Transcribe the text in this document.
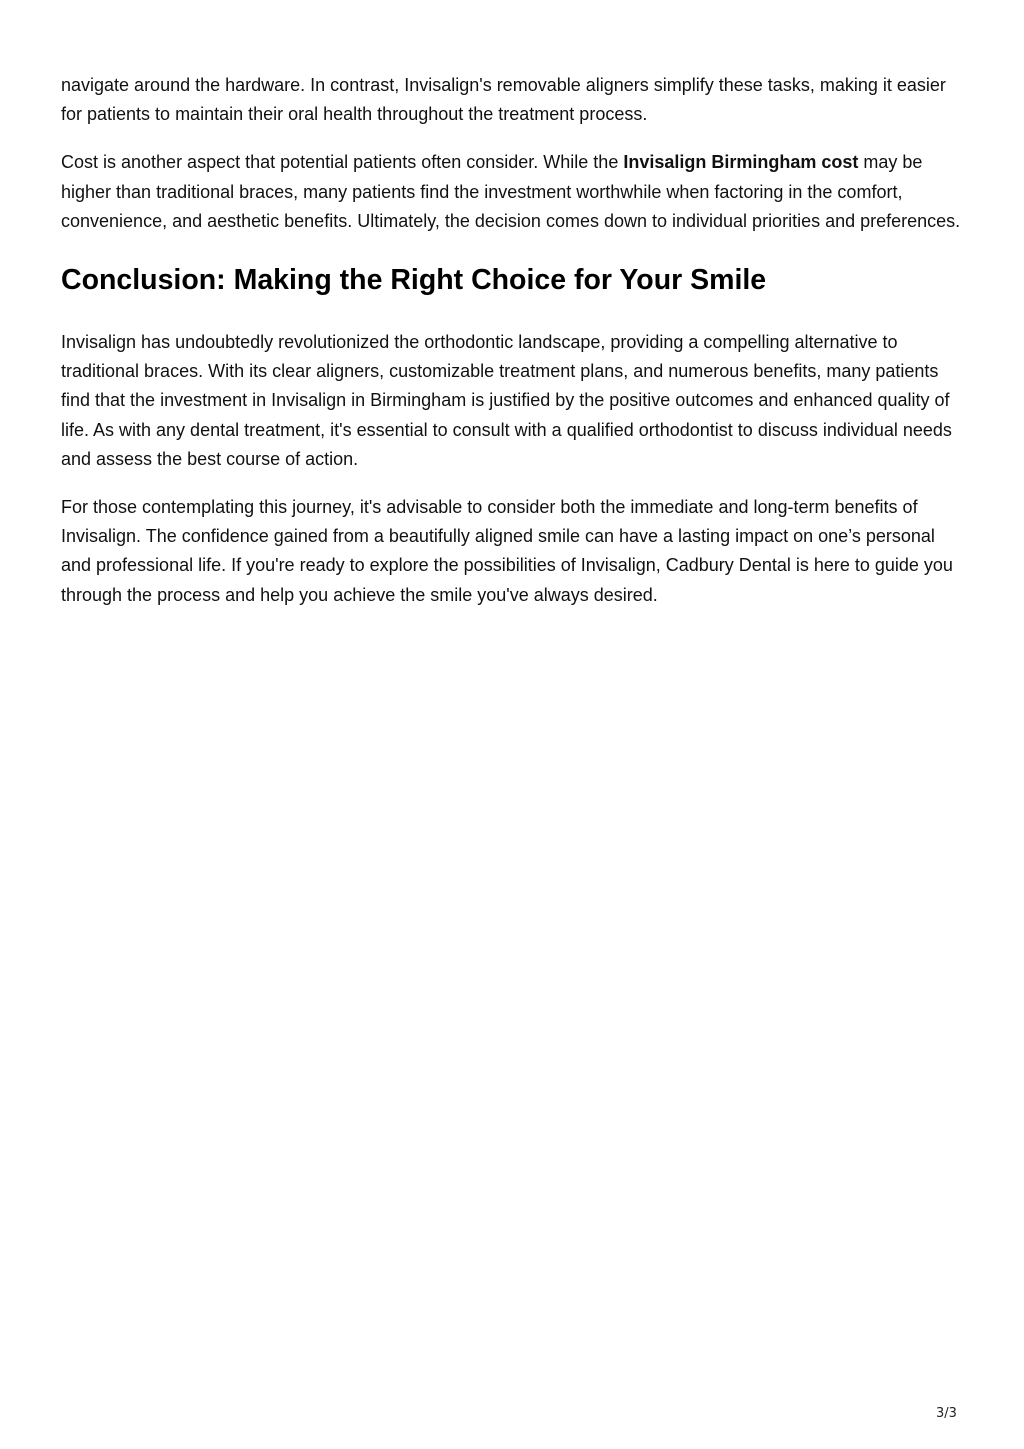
navigate around the hardware. In contrast, Invisalign's removable aligners simplify these tasks, making it easier for patients to maintain their oral health throughout the treatment process.

Cost is another aspect that potential patients often consider. While the Invisalign Birmingham cost may be higher than traditional braces, many patients find the investment worthwhile when factoring in the comfort, convenience, and aesthetic benefits. Ultimately, the decision comes down to individual priorities and preferences.

Conclusion: Making the Right Choice for Your Smile

Invisalign has undoubtedly revolutionized the orthodontic landscape, providing a compelling alternative to traditional braces. With its clear aligners, customizable treatment plans, and numerous benefits, many patients find that the investment in Invisalign in Birmingham is justified by the positive outcomes and enhanced quality of life. As with any dental treatment, it's essential to consult with a qualified orthodontist to discuss individual needs and assess the best course of action.

For those contemplating this journey, it's advisable to consider both the immediate and long-term benefits of Invisalign. The confidence gained from a beautifully aligned smile can have a lasting impact on one’s personal and professional life. If you're ready to explore the possibilities of Invisalign, Cadbury Dental is here to guide you through the process and help you achieve the smile you've always desired.

3/3
